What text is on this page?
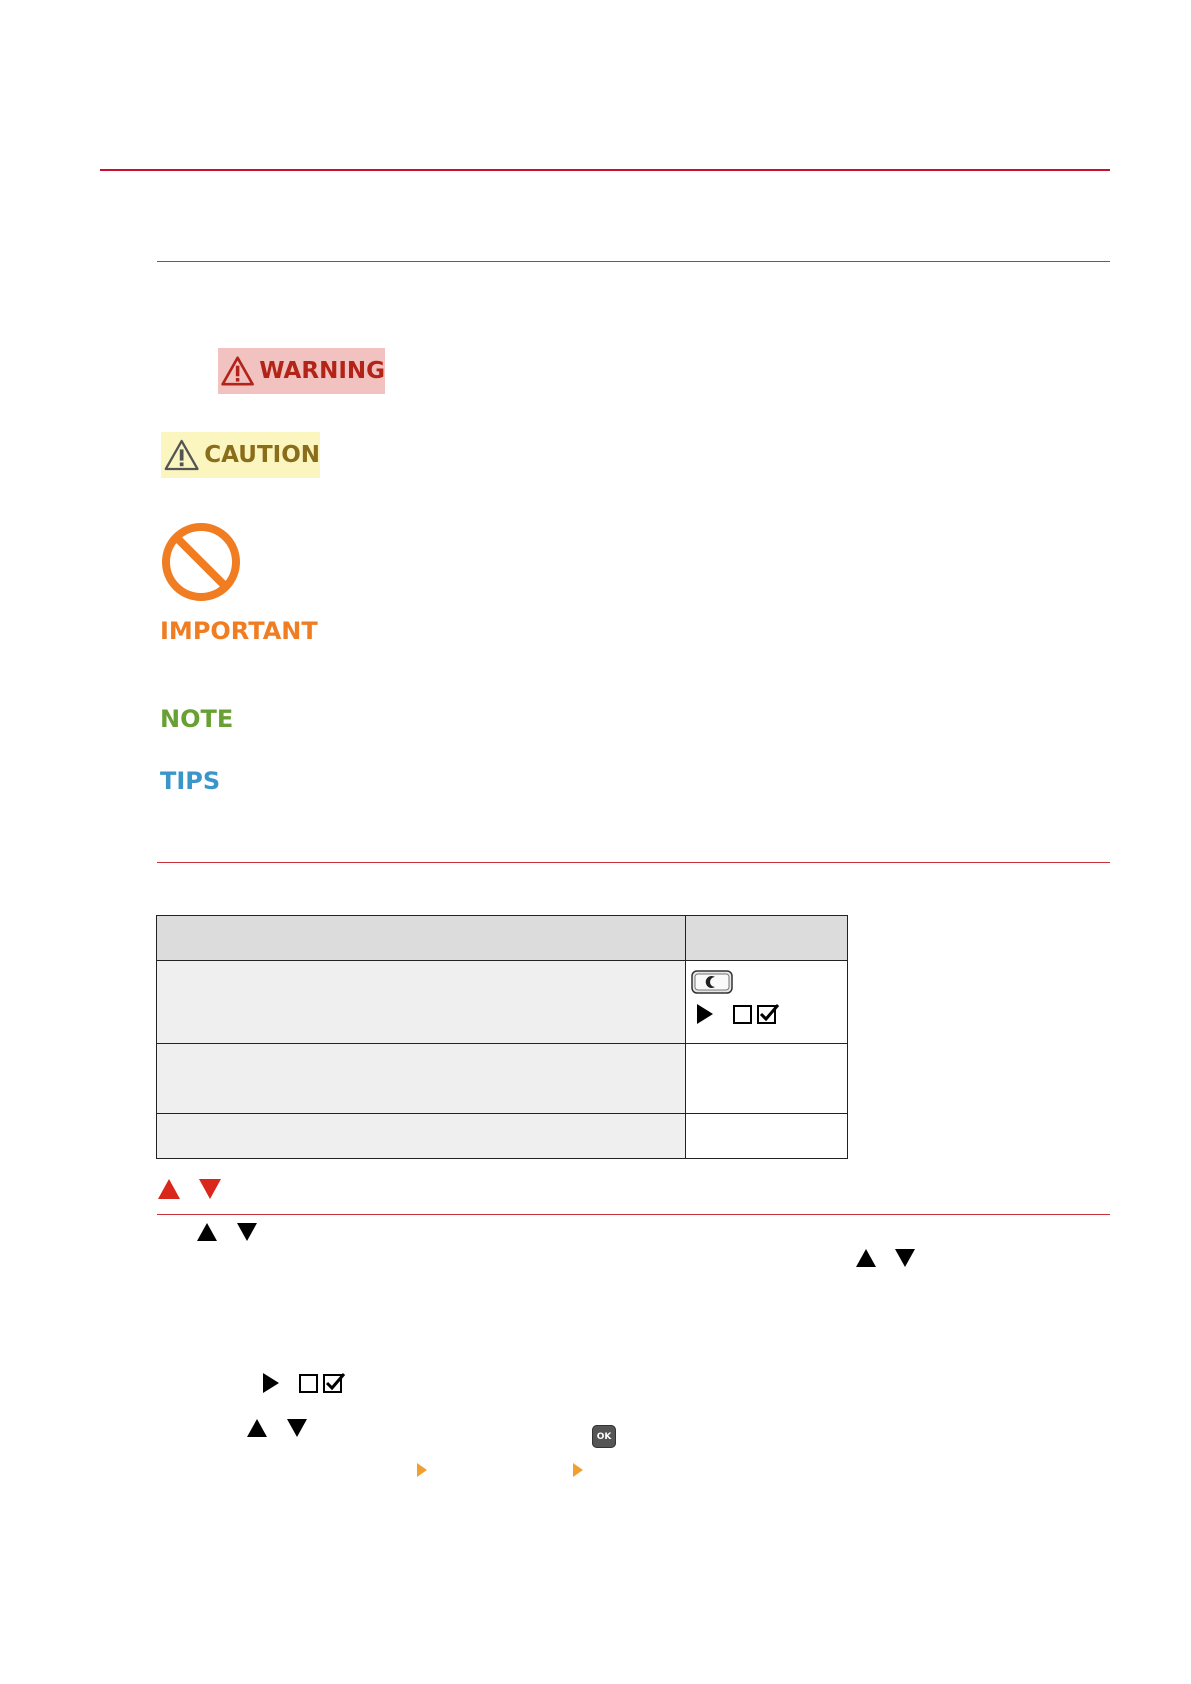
WARNING
CAUTION
IMPORTANT
NOTE
TIPS

OK
